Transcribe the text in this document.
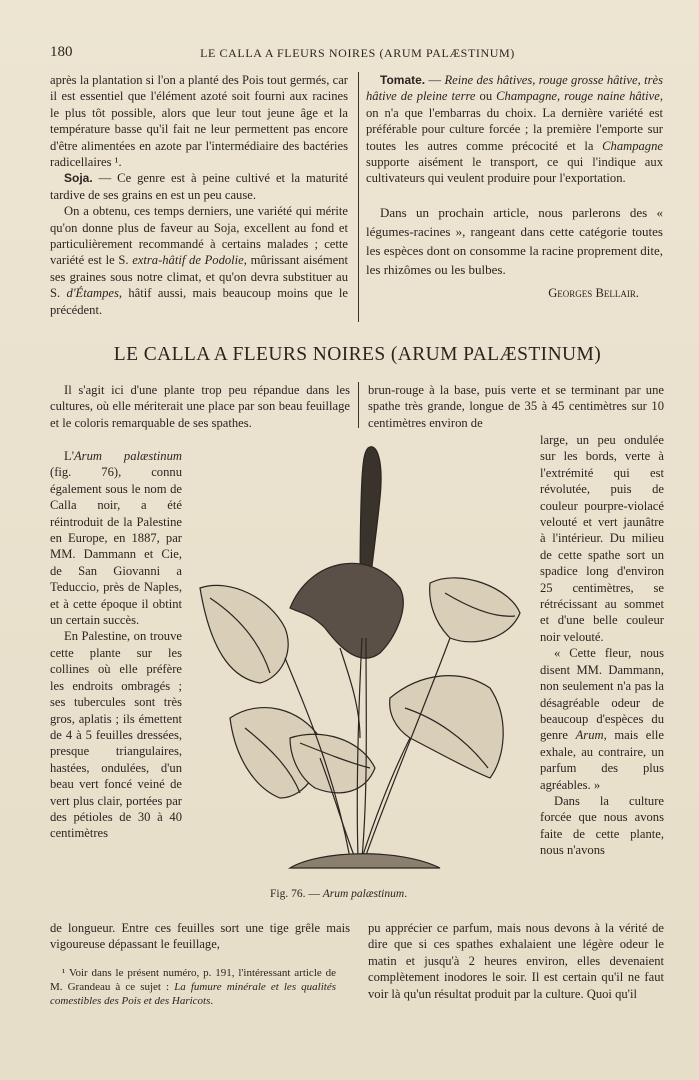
180	LE CALLA A FLEURS NOIRES (ARUM PALÆSTINUM)

après la plantation si l'on a planté des Pois tout germés, car il est essentiel que l'élément azoté soit fourni aux racines le plus tôt possible, alors que leur tout jeune âge et la température basse qu'il fait ne leur permettent pas encore d'être alimentées en azote par l'intermédiaire des bactéries radicellaires ¹.

Soja. — Ce genre est à peine cultivé et la maturité tardive de ses grains en est un peu cause.

On a obtenu, ces temps derniers, une variété qui mérite qu'on donne plus de faveur au Soja, excellent au fond et particulièrement recommandé à certains malades ; cette variété est le S. extra-hâtif de Podolie, mûrissant aisément ses graines sous notre climat, et qu'on devra substituer au S. d'Étampes, hâtif aussi, mais beaucoup moins que le précédent.

Tomate. — Reine des hâtives, rouge grosse hâtive, très hâtive de pleine terre ou Champagne, rouge naine hâtive, on n'a que l'embarras du choix. La dernière variété est préférable pour culture forcée ; la première l'emporte sur toutes les autres comme précocité et la Champagne supporte aisément le transport, ce qui l'indique aux cultivateurs qui veulent produire pour l'exportation.

Dans un prochain article, nous parlerons des « légumes-racines », rangeant dans cette catégorie toutes les espèces dont on consomme la racine proprement dite, les rhizômes ou les bulbes.

Georges Bellair.

LE CALLA A FLEURS NOIRES (ARUM PALÆSTINUM)

Il s'agit ici d'une plante trop peu répandue dans les cultures, où elle mériterait une place par son beau feuillage et le coloris remarquable de ses spathes.

L'Arum palæstinum (fig. 76), connu également sous le nom de Calla noir, a été réintroduit de la Palestine en Europe, en 1887, par MM. Dammann et Cie, de San Giovanni a Teduccio, près de Naples, et à cette époque il obtint un certain succès.

En Palestine, on trouve cette plante sur les collines où elle préfère les endroits ombragés ; ses tubercules sont très gros, aplatis ; ils émettent de 4 à 5 feuilles dressées, presque triangulaires, hastées, ondulées, d'un beau vert foncé veiné de vert plus clair, portées par des pétioles de 30 à 40 centimètres

de longueur. Entre ces feuilles sort une tige grêle mais vigoureuse dépassant le feuillage,

brun-rouge à la base, puis verte et se terminant par une spathe très grande, longue de 35 à 45 centimètres sur 10 centimètres environ de

Fig. 76. — Arum palæstinum.

pu apprécier ce parfum, mais nous devons à la vérité de dire que si ces spathes exhalaient une légère odeur le matin et jusqu'à 2 heures environ, elles devenaient complètement inodores le soir. Il est certain qu'il ne faut voir là qu'un résultat produit par la culture. Quoi qu'il

large, un peu ondulée sur les bords, verte à l'extrémité qui est révolutée, puis de couleur pourpre-violacé velouté et vert jaunâtre à l'intérieur. Du milieu de cette spathe sort un spadice long d'environ 25 centimètres, se rétrécissant au sommet et d'une belle couleur noir velouté.

« Cette fleur, nous disent MM. Dammann, non seulement n'a pas la désagréable odeur de beaucoup d'espèces du genre Arum, mais elle exhale, au contraire, un parfum des plus agréables. »

Dans la culture forcée que nous avons faite de cette plante, nous n'avons

¹ Voir dans le présent numéro, p. 191, l'intéressant article de M. Grandeau à ce sujet : La fumure minérale et les qualités comestibles des Pois et des Haricots.
